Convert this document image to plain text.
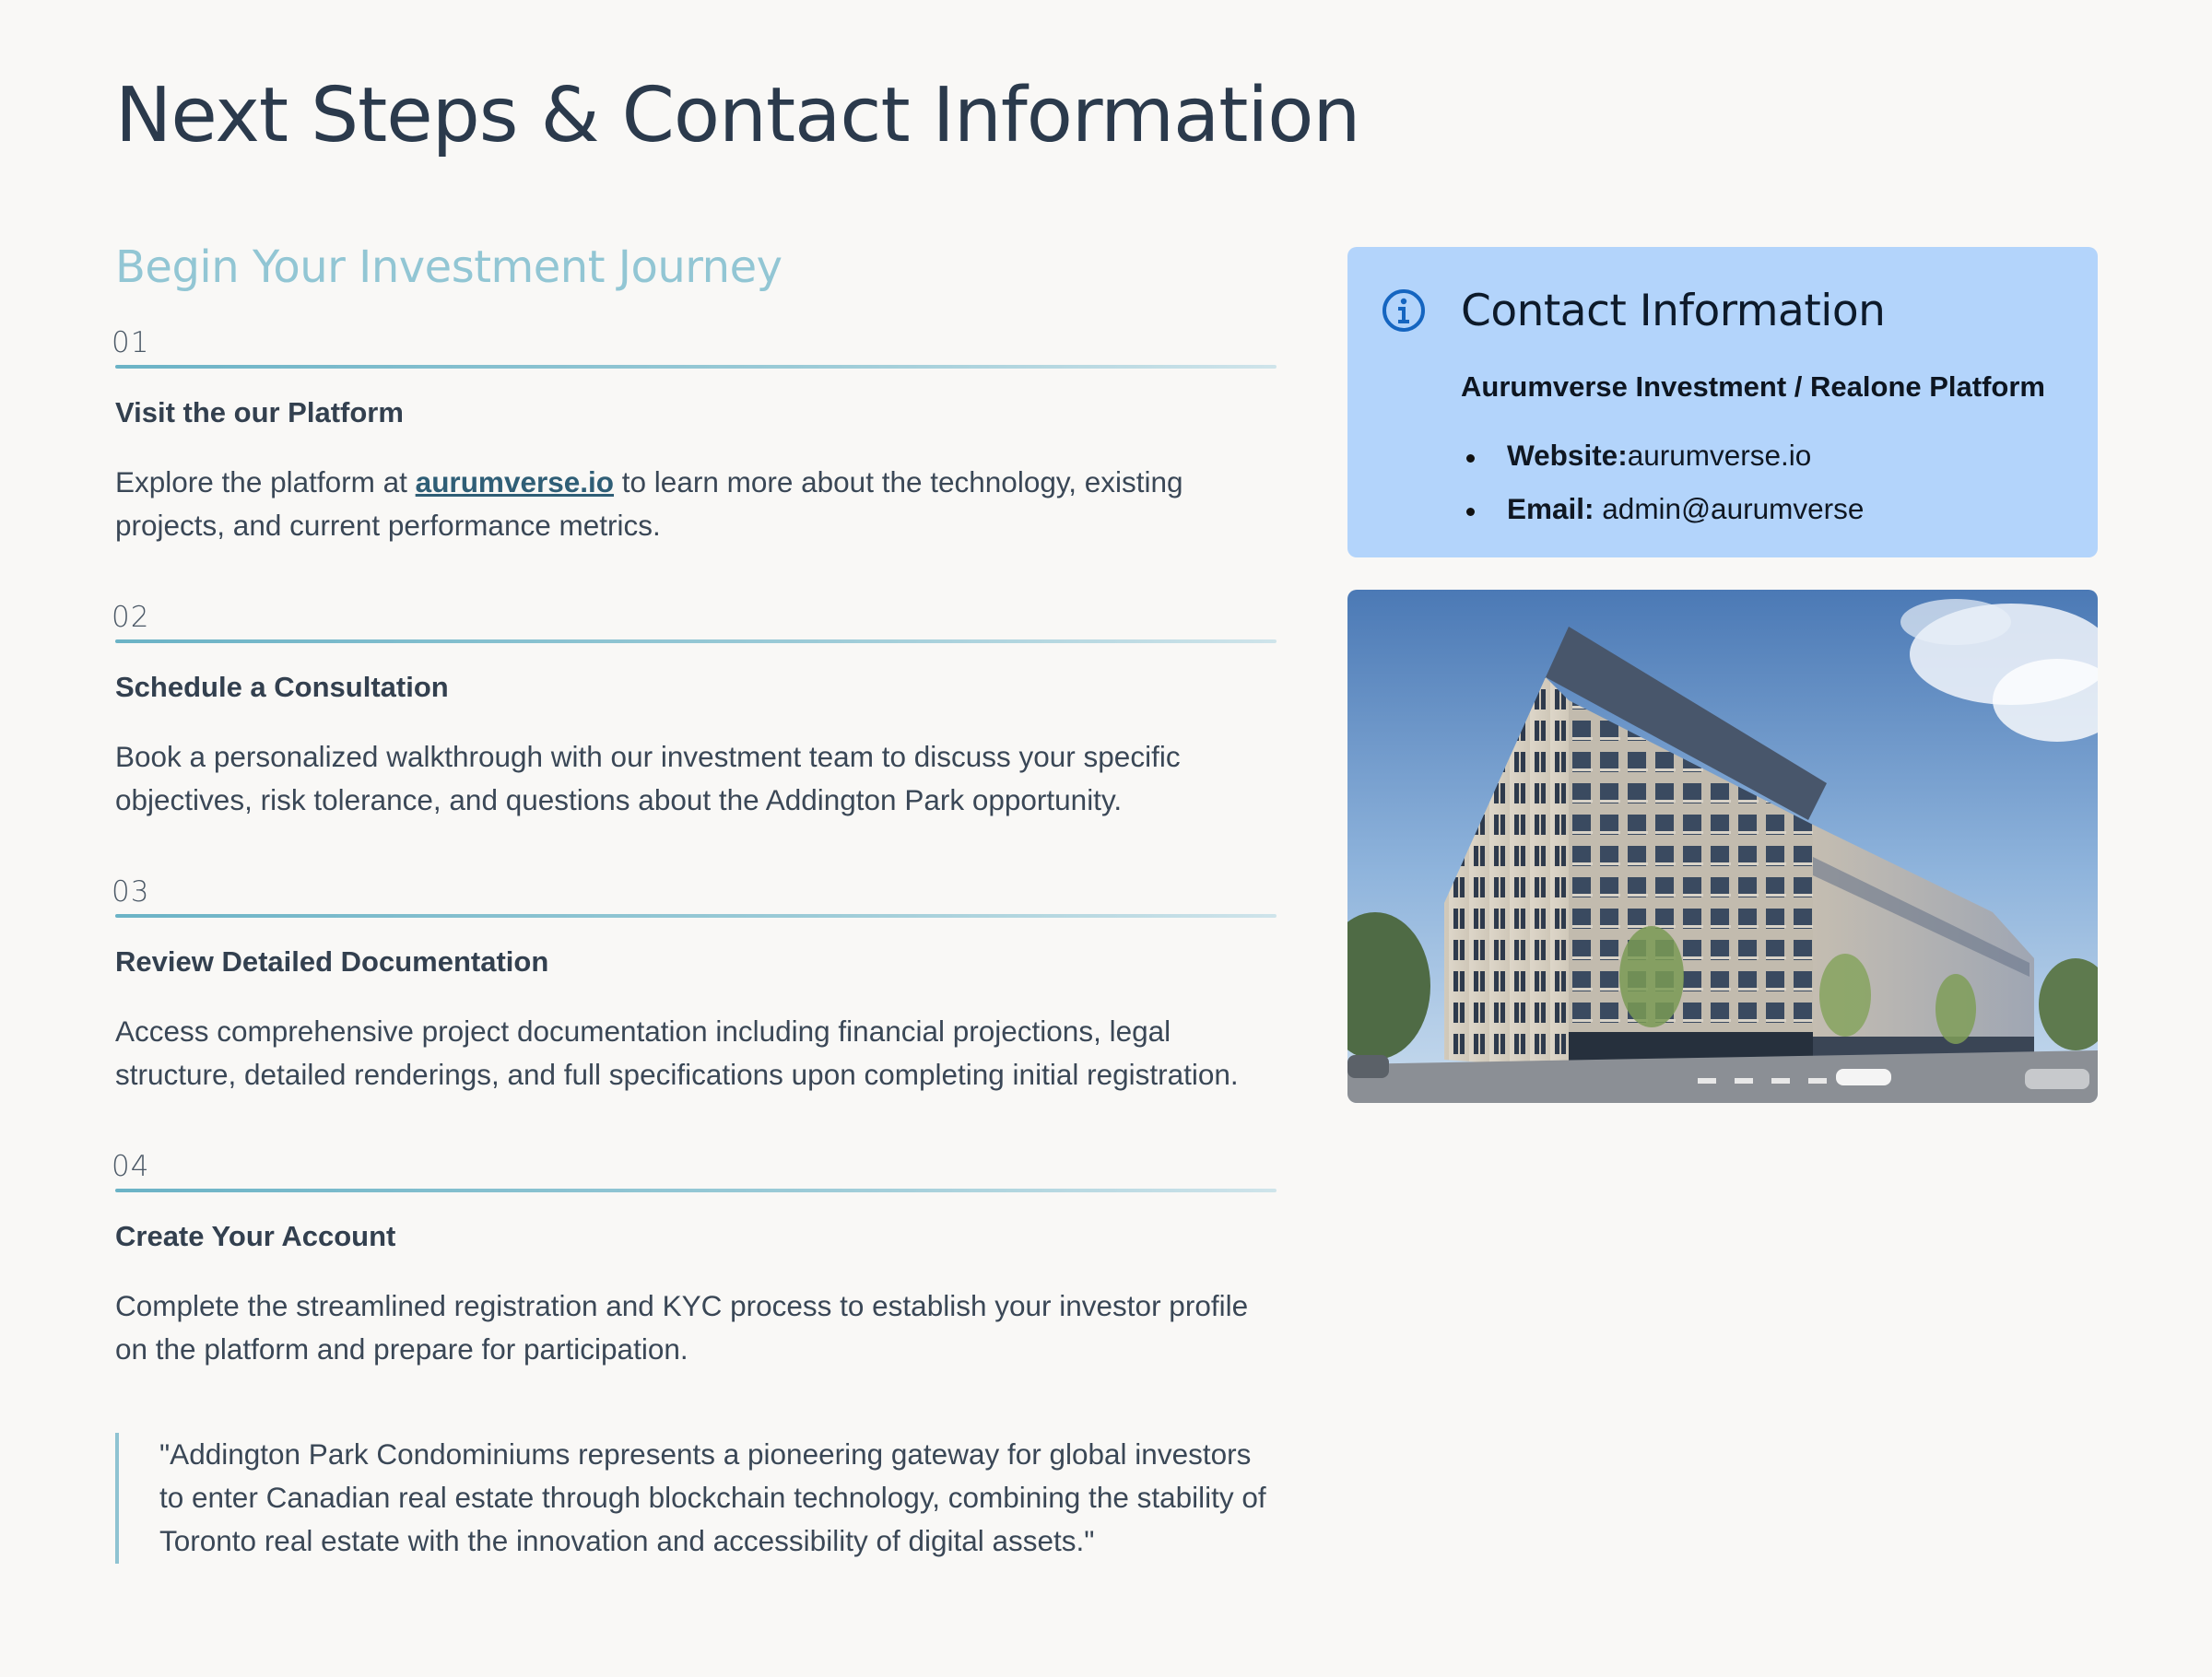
Next Steps & Contact Information
Begin Your Investment Journey
01
Visit the our Platform

Explore the platform at aurumverse.io to learn more about the technology, existing projects, and current performance metrics.

02
Schedule a Consultation

Book a personalized walkthrough with our investment team to discuss your specific objectives, risk tolerance, and questions about the Addington Park opportunity.

03
Review Detailed Documentation

Access comprehensive project documentation including financial projections, legal structure, detailed renderings, and full specifications upon completing initial registration.

04
Create Your Account

Complete the streamlined registration and KYC process to establish your investor profile on the platform and prepare for participation.

"Addington Park Condominiums represents a pioneering gateway for global investors to enter Canadian real estate through blockchain technology, combining the stability of Toronto real estate with the innovation and accessibility of digital assets."
Contact Information
Aurumverse Investment / Realone Platform
Website:aurumverse.io
Email: admin@aurumverse
